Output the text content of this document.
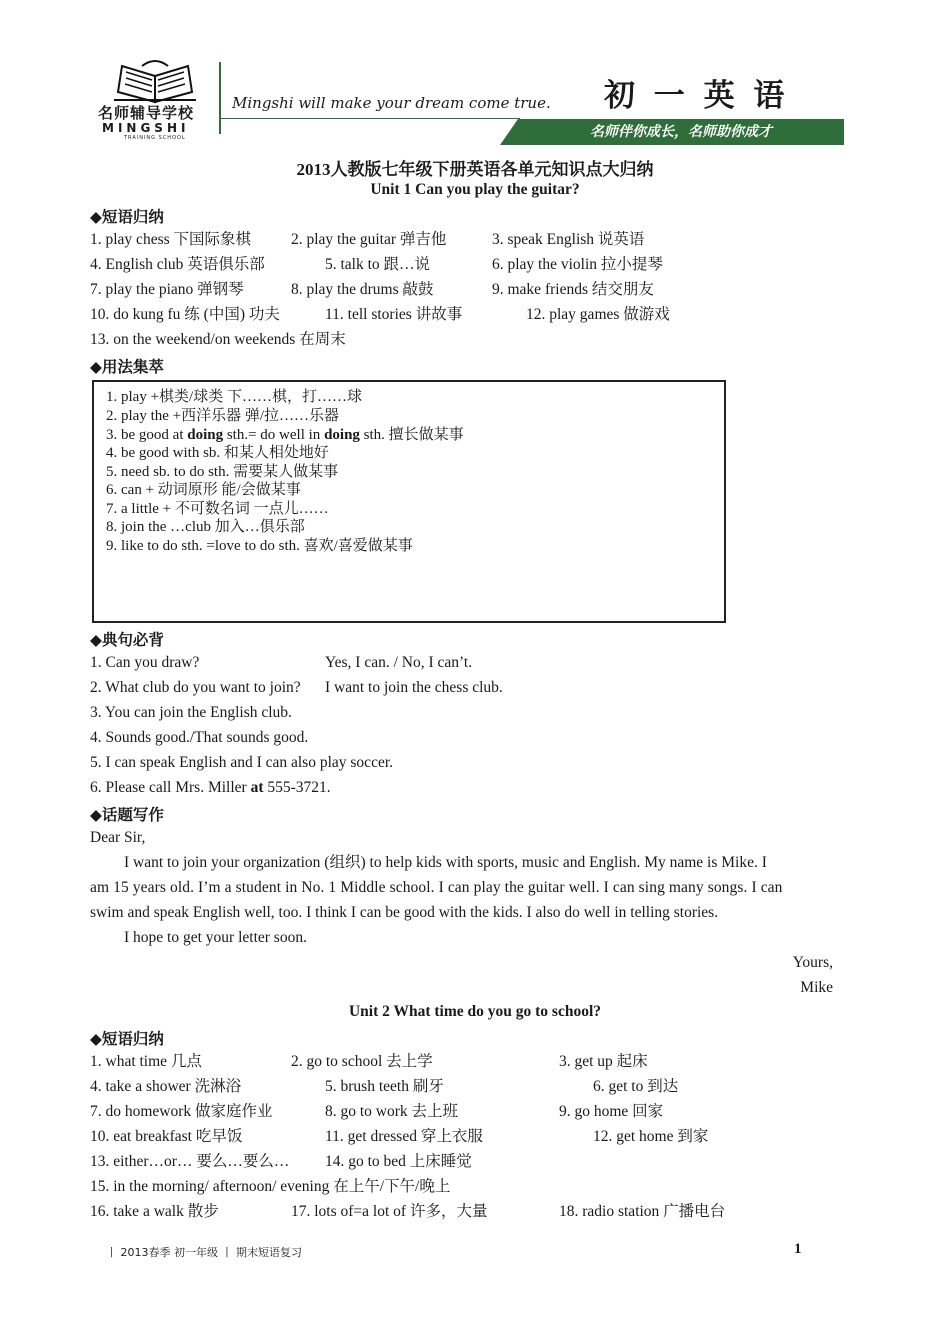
名师辅导学校
MINGSHI
TRAINING SCHOOL
Mingshi will make your dream come true. 初 一 英 语
名师伴你成长，名师助你成才
2013人教版七年级下册英语各单元知识点大归纳
Unit 1 Can you play the guitar?
◆短语归纳
1. play chess 下国际象棋	2. play the guitar 弹吉他	3. speak English 说英语
4. English club 英语俱乐部	5. talk to 跟…说	6. play the violin 拉小提琴
7. play the piano 弹钢琴	8. play the drums 敲鼓	9. make friends 结交朋友
10. do kung fu 练 (中国) 功夫	11. tell stories 讲故事	12. play games 做游戏
13. on the weekend/on weekends 在周末
◆用法集萃
1. play +棋类/球类 下……棋，打……球
2. play the +西洋乐器 弹/拉……乐器
3. be good at doing sth.= do well in doing sth. 擅长做某事
4. be good with sb. 和某人相处地好
5. need sb. to do sth. 需要某人做某事
6. can + 动词原形 能/会做某事
7. a little + 不可数名词 一点儿……
8. join the …club 加入…俱乐部
9. like to do sth. =love to do sth. 喜欢/喜爱做某事
◆典句必背
1. Can you draw?	Yes, I can. / No, I can’t.
2. What club do you want to join? I want to join the chess club.
3. You can join the English club.
4. Sounds good./That sounds good.
5. I can speak English and I can also play soccer.
6. Please call Mrs. Miller at 555-3721.
◆话题写作
Dear Sir,
I want to join your organization (组织) to help kids with sports, music and English. My name is Mike. I
am 15 years old. I’m a student in No. 1 Middle school. I can play the guitar well. I can sing many songs. I can
swim and speak English well, too. I think I can be good with the kids. I also do well in telling stories.
I hope to get your letter soon.
Yours,
Mike
Unit 2 What time do you go to school?
◆短语归纳
1. what time 几点	2. go to school 去上学	3. get up 起床
4. take a shower 洗淋浴	5. brush teeth 刷牙	6. get to 到达
7. do homework 做家庭作业	8. go to work 去上班	9. go home 回家
10. eat breakfast 吃早饭	11. get dressed 穿上衣服	12. get home 到家
13. either…or… 要么…要么… 14. go to bed 上床睡觉
15. in the morning/ afternoon/ evening 在上午/下午/晚上
16. take a walk 散步	17. lots of=a lot of 许多，大量	18. radio station 广播电台
丨 2013春季 初一年级 丨 期末短语复习	1
